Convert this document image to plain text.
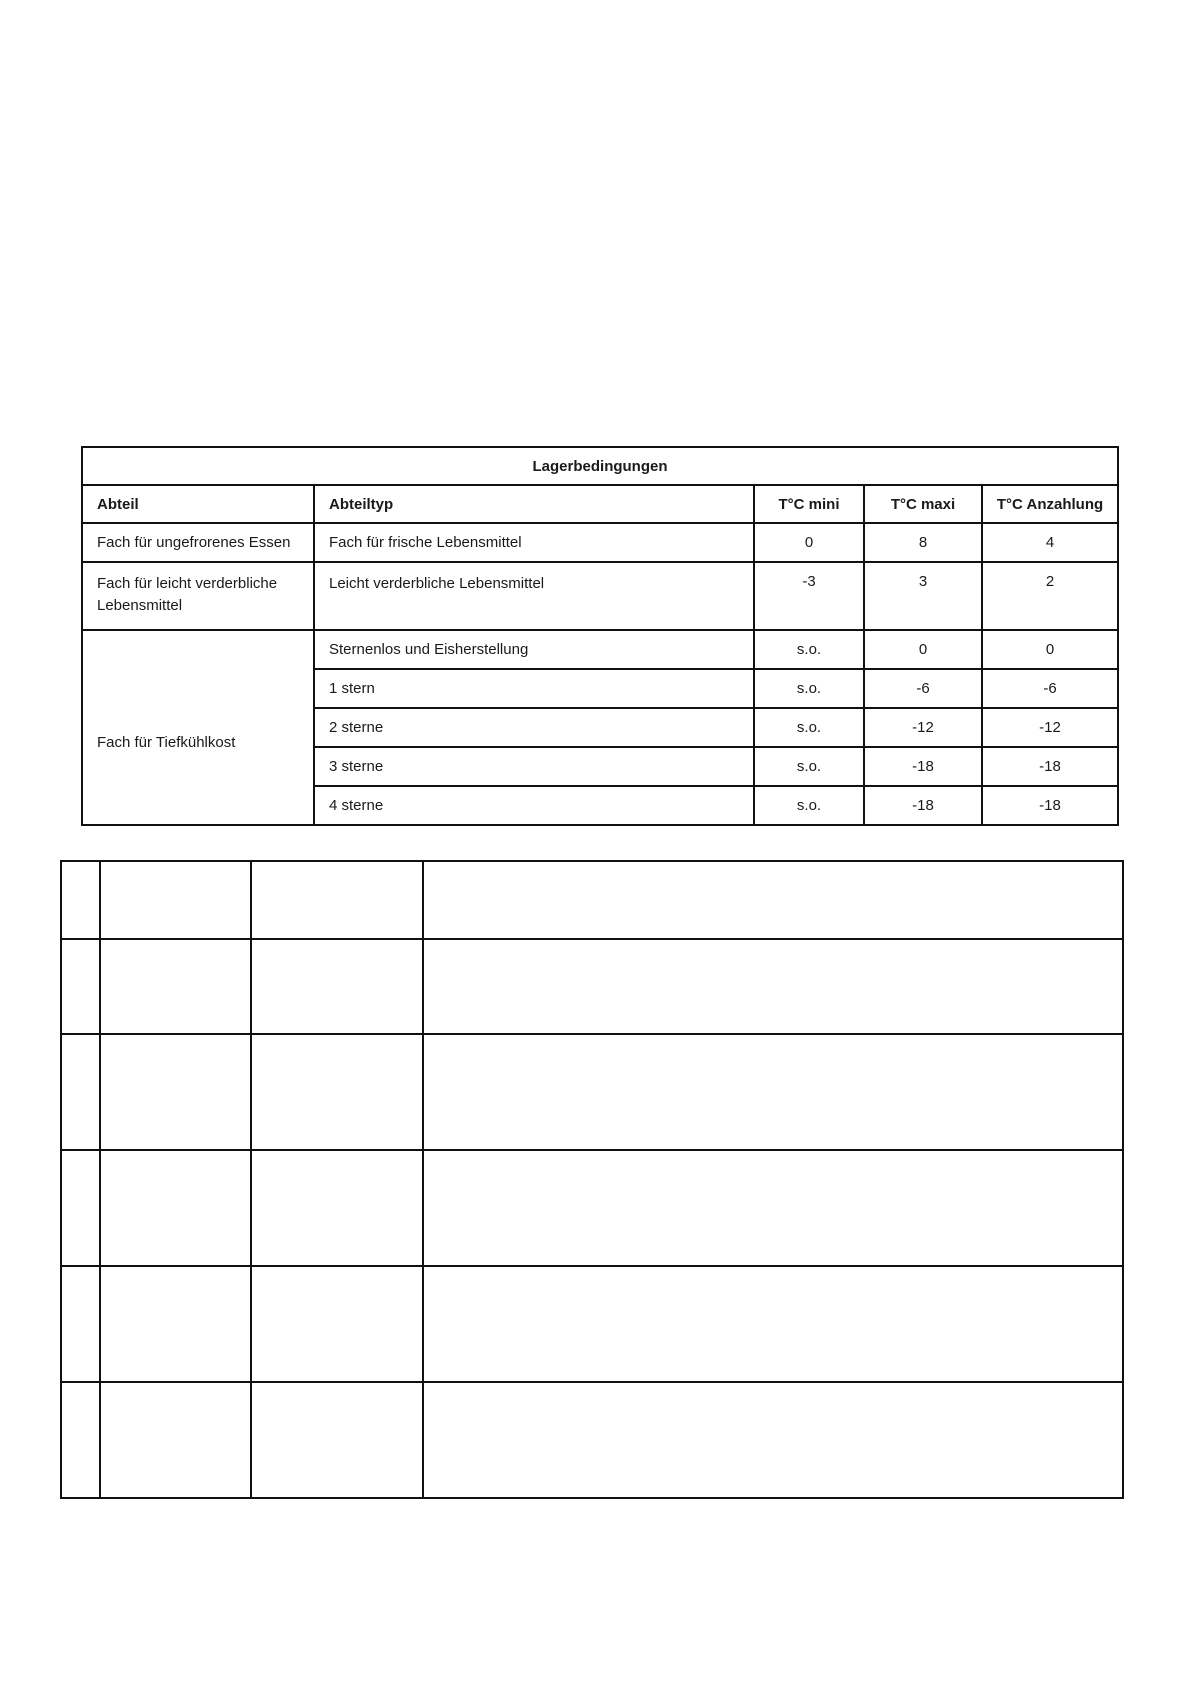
Lagerbedingungen				
Abteil	Abteiltyp	T°C mini	T°C maxi	T°C Anzahlung
Fach für ungefrorenes Essen	Fach für frische Lebensmittel	0	8	4
Fach für leicht verderbliche Lebensmittel	Leicht verderbliche Lebensmittel	-3	3	2
Fach für Tiefkühlkost	Sternenlos und Eisherstellung	s.o.	0	0
	1 stern	s.o.	-6	-6
	2 sterne	s.o.	-12	-12
	3 sterne	s.o.	-18	-18
	4 sterne	s.o.	-18	-18
